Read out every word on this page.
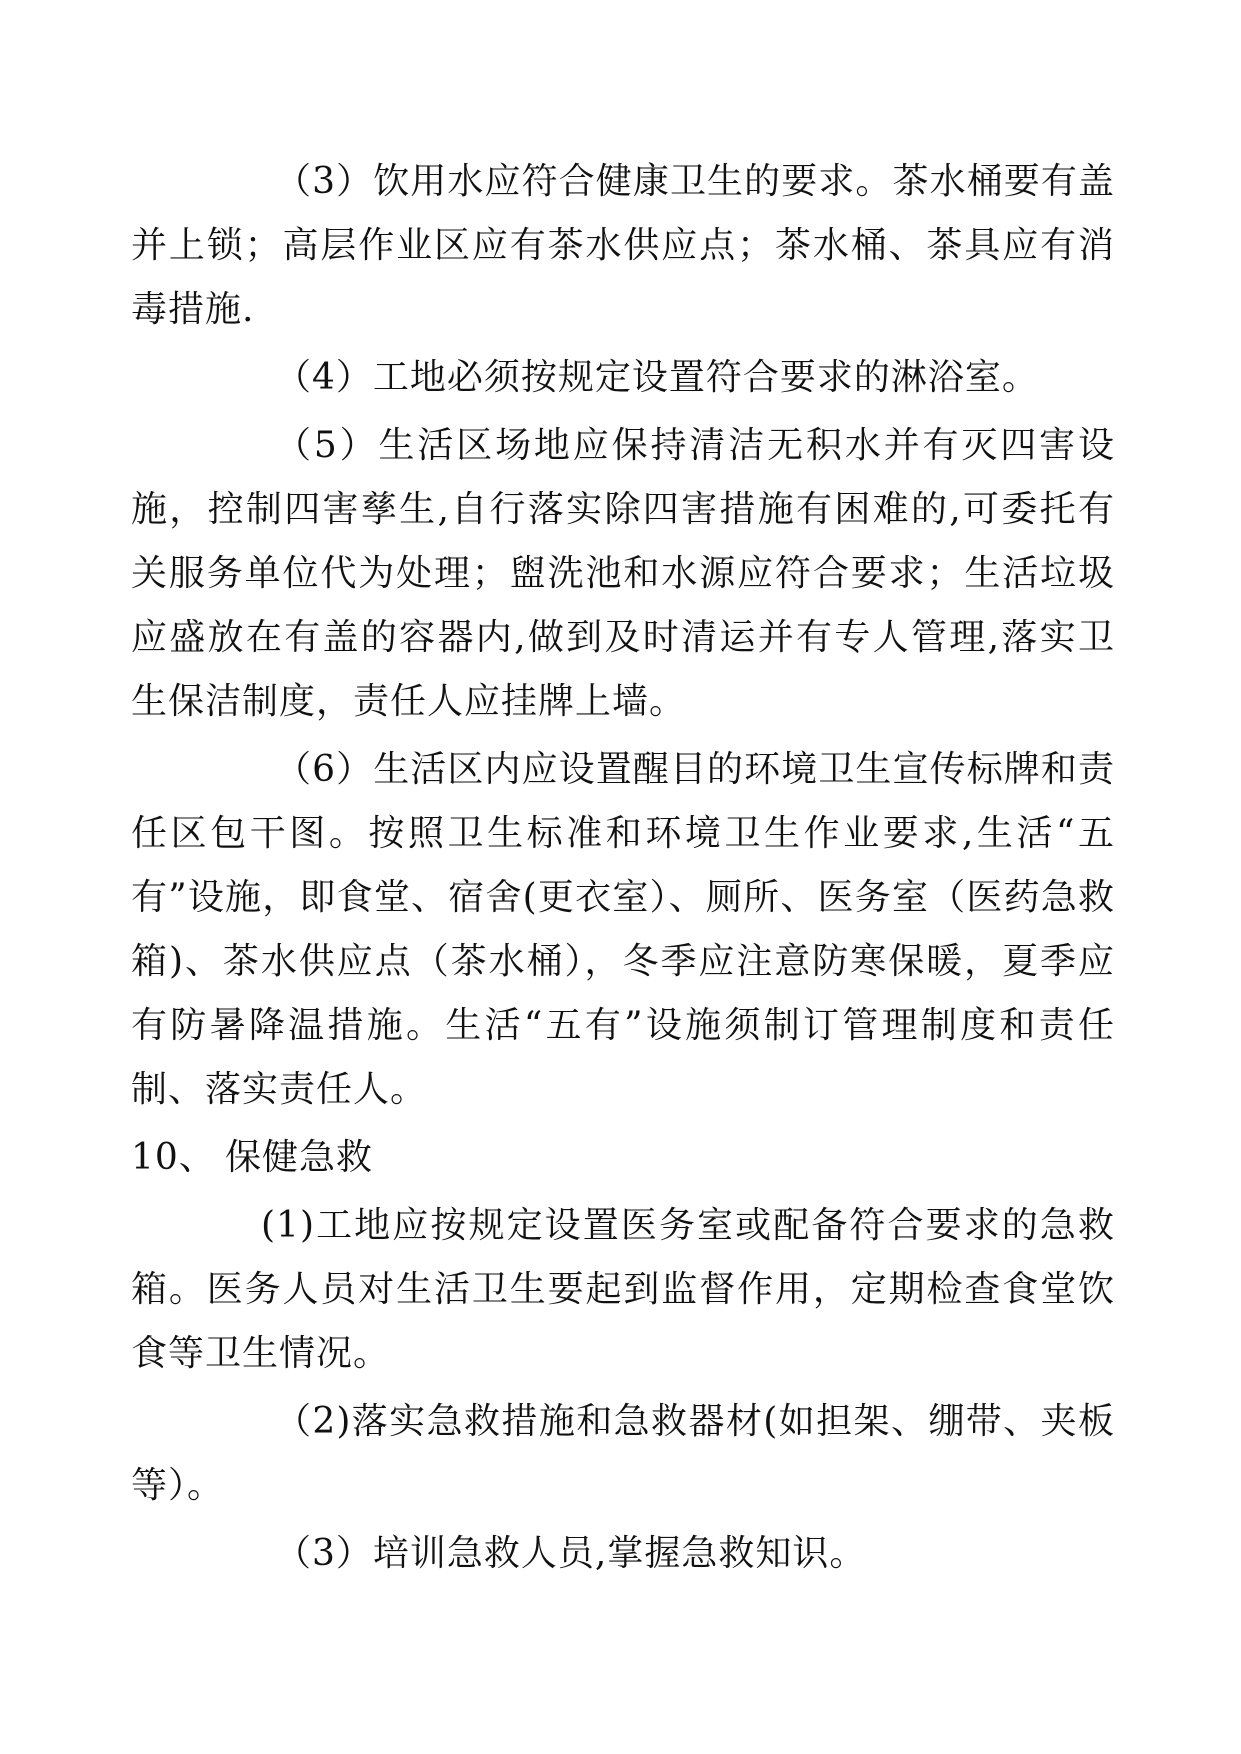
（3）饮用水应符合健康卫生的要求。茶水桶要有盖并上锁；高层作业区应有茶水供应点；茶水桶、茶具应有消毒措施.

（4）工地必须按规定设置符合要求的淋浴室。

（5）生活区场地应保持清洁无积水并有灭四害设施，控制四害孳生,自行落实除四害措施有困难的,可委托有关服务单位代为处理；盥洗池和水源应符合要求；生活垃圾应盛放在有盖的容器内,做到及时清运并有专人管理,落实卫生保洁制度，责任人应挂牌上墙。

（6）生活区内应设置醒目的环境卫生宣传标牌和责任区包干图。按照卫生标准和环境卫生作业要求,生活“五有”设施，即食堂、宿舍(更衣室）、厕所、医务室（医药急救箱)、茶水供应点（茶水桶），冬季应注意防寒保暖，夏季应有防暑降温措施。生活“五有”设施须制订管理制度和责任制、落实责任人。

10、 保健急救

(1)工地应按规定设置医务室或配备符合要求的急救箱。医务人员对生活卫生要起到监督作用，定期检查食堂饮食等卫生情况。

（2)落实急救措施和急救器材(如担架、绷带、夹板等）。

（3）培训急救人员,掌握急救知识。
